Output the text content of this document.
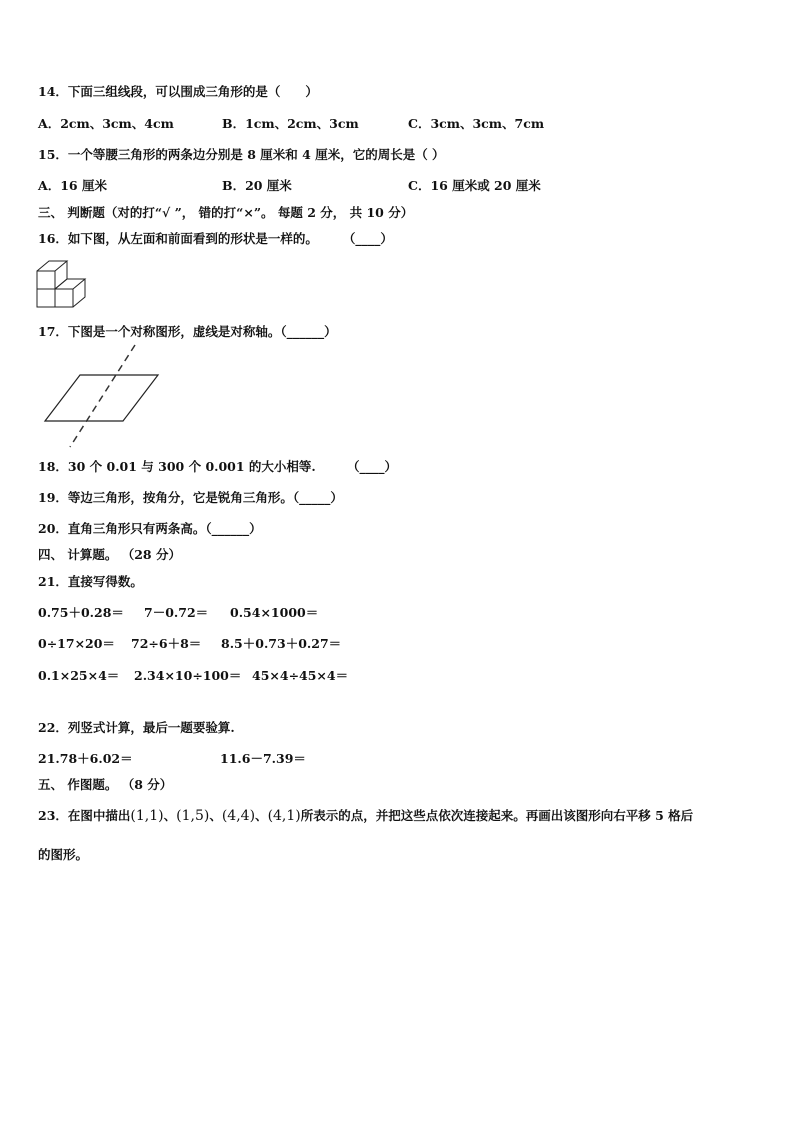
14．下面三组线段，可以围成三角形的是（　　）
A．2cm、3cm、4cm	B．1cm、2cm、3cm	C．3cm、3cm、7cm
15．一个等腰三角形的两条边分别是 8 厘米和 4 厘米，它的周长是（ ）
A．16 厘米	B．20 厘米	C．16 厘米或 20 厘米
三、 判断题（对的打“√ ”， 错的打“×”。 每题 2 分， 共 10 分）
16．如下图，从左面和前面看到的形状是一样的。　　　（____）
17．下图是一个对称图形，虚线是对称轴。（______）
18．30 个 0.01 与 300 个 0.001 的大小相等.　　　（____）
19．等边三角形，按角分，它是锐角三角形。（_____）
20．直角三角形只有两条高。（______）
四、 计算题。 （28 分）
21．直接写得数。
0.75＋0.28＝ 7－0.72＝ 0.54×1000＝
0÷17×20＝ 72÷6＋8＝ 8.5＋0.73＋0.27＝
0.1×25×4＝ 2.34×10÷100＝ 45×4÷45×4＝
22．列竖式计算，最后一题要验算.
21.78＋6.02＝	11.6－7.39＝
五、 作图题。 （8 分）
23．在图中描出(1,1)、(1,5)、(4,4)、(4,1)所表示的点，并把这些点依次连接起来。再画出该图形向右平移 5 格后
的图形。
